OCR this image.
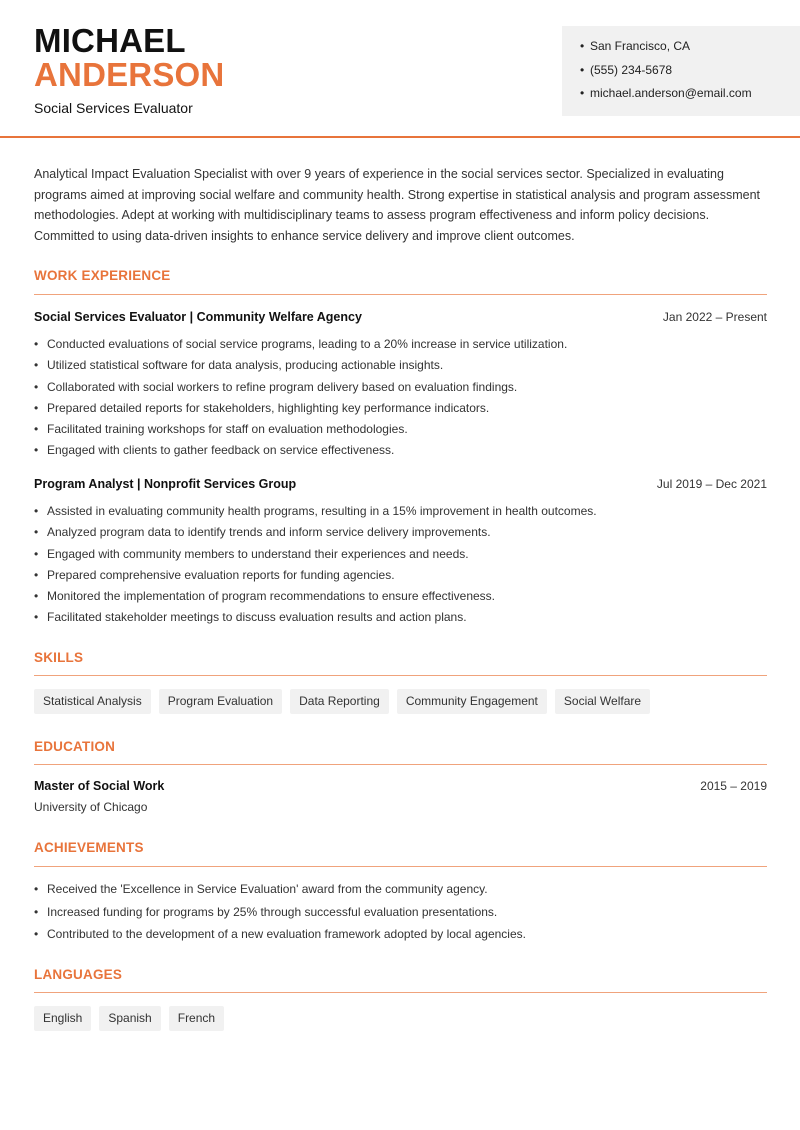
MICHAEL
ANDERSON
Social Services Evaluator
• San Francisco, CA
• (555) 234-5678
• michael.anderson@email.com

Analytical Impact Evaluation Specialist with over 9 years of experience in the social services sector. Specialized in evaluating programs aimed at improving social welfare and community health. Strong expertise in statistical analysis and program assessment methodologies. Adept at working with multidisciplinary teams to assess program effectiveness and inform policy decisions. Committed to using data-driven insights to enhance service delivery and improve client outcomes.

WORK EXPERIENCE
Social Services Evaluator | Community Welfare Agency	Jan 2022 – Present
• Conducted evaluations of social service programs, leading to a 20% increase in service utilization.
• Utilized statistical software for data analysis, producing actionable insights.
• Collaborated with social workers to refine program delivery based on evaluation findings.
• Prepared detailed reports for stakeholders, highlighting key performance indicators.
• Facilitated training workshops for staff on evaluation methodologies.
• Engaged with clients to gather feedback on service effectiveness.
Program Analyst | Nonprofit Services Group	Jul 2019 – Dec 2021
• Assisted in evaluating community health programs, resulting in a 15% improvement in health outcomes.
• Analyzed program data to identify trends and inform service delivery improvements.
• Engaged with community members to understand their experiences and needs.
• Prepared comprehensive evaluation reports for funding agencies.
• Monitored the implementation of program recommendations to ensure effectiveness.
• Facilitated stakeholder meetings to discuss evaluation results and action plans.
SKILLS
Statistical Analysis	Program Evaluation	Data Reporting	Community Engagement	Social Welfare
EDUCATION
Master of Social Work	2015 – 2019
University of Chicago
ACHIEVEMENTS
• Received the 'Excellence in Service Evaluation' award from the community agency.
• Increased funding for programs by 25% through successful evaluation presentations.
• Contributed to the development of a new evaluation framework adopted by local agencies.
LANGUAGES
English	Spanish	French
